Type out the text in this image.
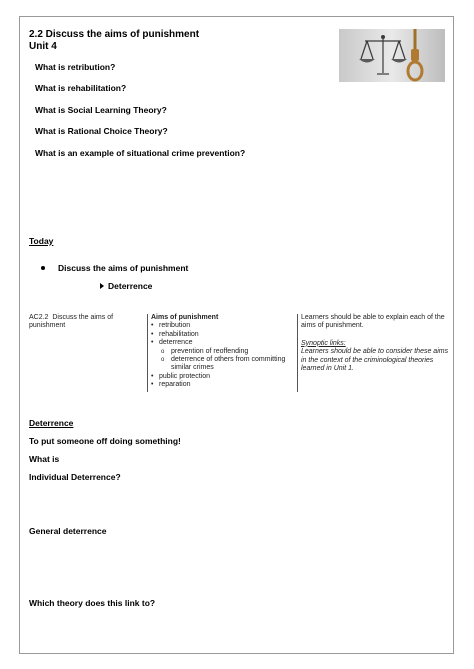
2.2 Discuss the aims of punishment
Unit 4
What is retribution?
What is rehabilitation?
What is Social Learning Theory?
What is Rational Choice Theory?
What is an example of situational crime prevention?
Today
Discuss the aims of punishment
Deterrence
AC2.2 Discuss the aims of punishment
Aims of punishment
• retribution
• rehabilitation
• deterrence
o prevention of reoffending
o deterrence of others from committing similar crimes
• public protection
• reparation
Learners should be able to explain each of the aims of punishment.
Synoptic links:
Learners should be able to consider these aims in the context of the criminological theories learned in Unit 1.
Deterrence
To put someone off doing something!
What is
Individual Deterrence?
General deterrence
Which theory does this link to?
